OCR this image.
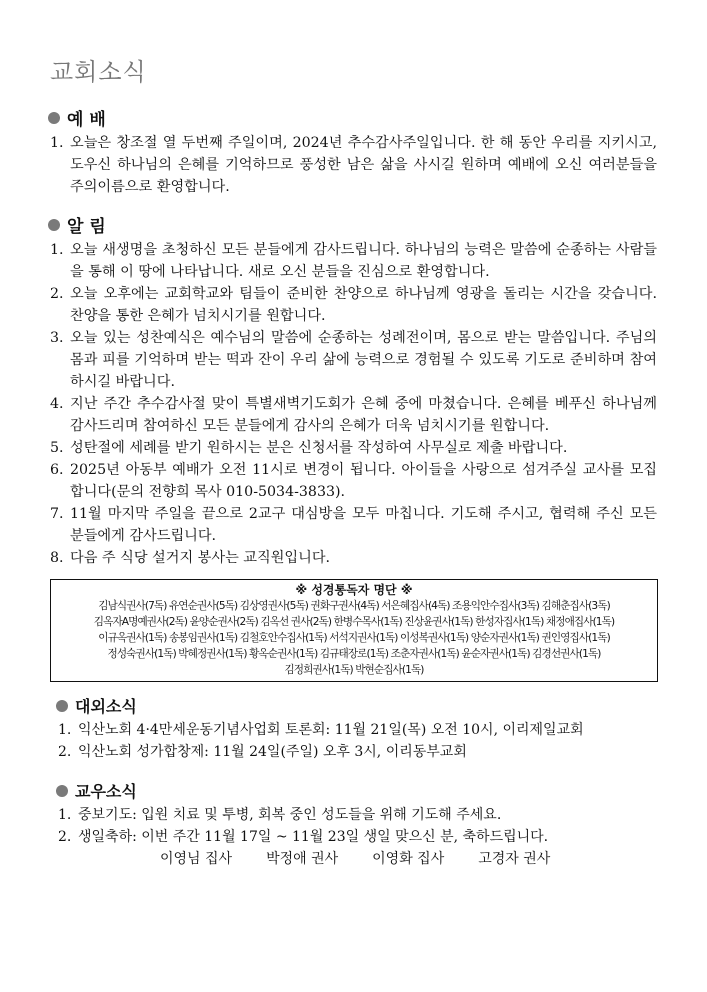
교회소식
예 배
1. 오늘은 창조절 열 두번째 주일이며, 2024년 추수감사주일입니다. 한 해 동안 우리를 지키시고, 도우신 하나님의 은혜를 기억하므로 풍성한 남은 삶을 사시길 원하며 예배에 오신 여러분들을 주의이름으로 환영합니다.
알 림
1. 오늘 새생명을 초청하신 모든 분들에게 감사드립니다. 하나님의 능력은 말씀에 순종하는 사람들을 통해 이 땅에 나타납니다. 새로 오신 분들을 진심으로 환영합니다.
2. 오늘 오후에는 교회학교와 팀들이 준비한 찬양으로 하나님께 영광을 돌리는 시간을 갖습니다. 찬양을 통한 은혜가 넘치시기를 원합니다.
3. 오늘 있는 성찬예식은 예수님의 말씀에 순종하는 성례전이며, 몸으로 받는 말씀입니다. 주님의 몸과 피를 기억하며 받는 떡과 잔이 우리 삶에 능력으로 경험될 수 있도록 기도로 준비하며 참여하시길 바랍니다.
4. 지난 주간 추수감사절 맞이 특별새벽기도회가 은혜 중에 마쳤습니다. 은혜를 베푸신 하나님께 감사드리며 참여하신 모든 분들에게 감사의 은혜가 더욱 넘치시기를 원합니다.
5. 성탄절에 세례를 받기 원하시는 분은 신청서를 작성하여 사무실로 제출 바랍니다.
6. 2025년 아동부 예배가 오전 11시로 변경이 됩니다. 아이들을 사랑으로 섬겨주실 교사를 모집합니다(문의 전향희 목사 010-5034-3833).
7. 11월 마지막 주일을 끝으로 2교구 대심방을 모두 마칩니다. 기도해 주시고, 협력해 주신 모든 분들에게 감사드립니다.
8. 다음 주 식당 설거지 봉사는 교직원입니다.
※ 성경통독자 명단 ※
김남식권사(7독) 유연순권사(5독) 김상영권사(5독) 권화구권사(4독) 서은혜집사(4독) 조용익안수집사(3독) 김해춘집사(3독)
김옥자A명예권사(2독) 윤양순권사(2독) 김옥선 권사(2독) 한병수목사(1독) 진상윤권사(1독) 한성자집사(1독) 채정애집사(1독)
이규옥권사(1독) 송봉임권사(1독) 김철호안수집사(1독) 서석지권사(1독) 이성복권사(1독) 양순자권사(1독) 권인영집사(1독)
정성숙권사(1독) 박혜정권사(1독) 황옥순권사(1독) 김규태장로(1독) 조춘자권사(1독) 윤순자권사(1독) 김경선권사(1독)
김정희권사(1독) 박현순집사(1독)
대외소식
1. 익산노회 4·4만세운동기념사업회 토론회: 11월 21일(목) 오전 10시, 이리제일교회
2. 익산노회 성가합창제: 11월 24일(주일) 오후 3시, 이리동부교회
교우소식
1. 중보기도: 입원 치료 및 투병, 회복 중인 성도들을 위해 기도해 주세요.
2. 생일축하: 이번 주간 11월 17일 ~ 11월 23일 생일 맞으신 분, 축하드립니다.
이영님 집사 박정애 권사 이영화 집사 고경자 권사
